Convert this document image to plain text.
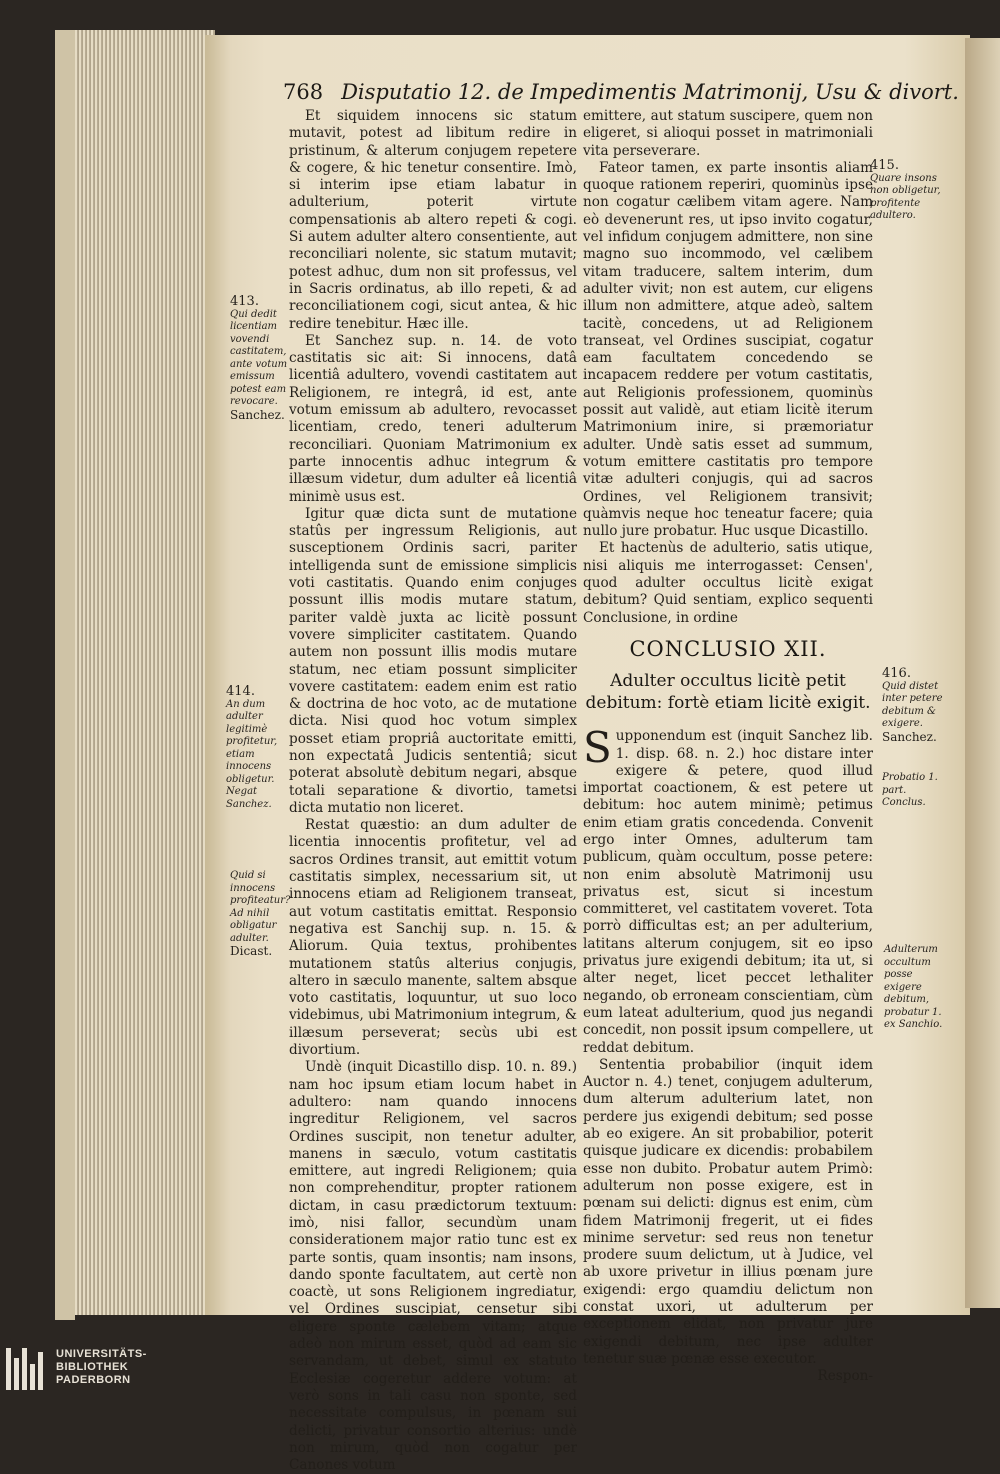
768 Disputatio 12. de Impedimentis Matrimonij, Usu & divort.

Et siquidem innocens sic statum mutavit, potest ad libitum redire in pristinum, & alterum conjugem repetere & cogere, & hic tenetur consentire. Imò, si interim ipse etiam labatur in adulterium, poterit virtute compensationis ab altero repeti & cogi. Si autem adulter altero consentiente, aut reconciliari nolente, sic statum mutavit; potest adhuc, dum non sit professus, vel in Sacris ordinatus, ab illo repeti, & ad reconciliationem cogi, sicut antea, & hic redire tenebitur. Hæc ille.

Et Sanchez sup. n. 14. de voto castitatis sic ait: Si innocens, datâ licentiâ adultero, vovendi castitatem aut Religionem, re integrâ, id est, ante votum emissum ab adultero, revocasset licentiam, credo, teneri adulterum reconciliari. Quoniam Matrimonium ex parte innocentis adhuc integrum & illæsum videtur, dum adulter eâ licentiâ minimè usus est.

Igitur quæ dicta sunt de mutatione statûs per ingressum Religionis, aut susceptionem Ordinis sacri, pariter intelligenda sunt de emissione simplicis voti castitatis. Quando enim conjuges possunt illis modis mutare statum, pariter valdè juxta ac licitè possunt vovere simpliciter castitatem. Quando autem non possunt illis modis mutare statum, nec etiam possunt simpliciter vovere castitatem: eadem enim est ratio & doctrina de hoc voto, ac de mutatione dicta. Nisi quod hoc votum simplex posset etiam propriâ auctoritate emitti, non expectatâ Judicis sententiâ; sicut poterat absolutè debitum negari, absque totali separatione & divortio, tametsi dicta mutatio non liceret.

Restat quæstio: an dum adulter de licentia innocentis profitetur, vel ad sacros Ordines transit, aut emittit votum castitatis simplex, necessarium sit, ut innocens etiam ad Religionem transeat, aut votum castitatis emittat. Responsio negativa est Sanchij sup. n. 15. & Aliorum. Quia textus, prohibentes mutationem statûs alterius conjugis, altero in sæculo manente, saltem absque voto castitatis, loquuntur, ut suo loco videbimus, ubi Matrimonium integrum, & illæsum perseverat; secùs ubi est divortium.

Undè (inquit Dicastillo disp. 10. n. 89.) nam hoc ipsum etiam locum habet in adultero: nam quando innocens ingreditur Religionem, vel sacros Ordines suscipit, non tenetur adulter, manens in sæculo, votum castitatis emittere, aut ingredi Religionem; quia non comprehenditur, propter rationem dictam, in casu prædictorum textuum: imò, nisi fallor, secundùm unam considerationem major ratio tunc est ex parte sontis, quam insontis; nam insons, dando sponte facultatem, aut certè non coactè, ut sons Religionem ingrediatur, vel Ordines suscipiat, censetur sibi eligere sponte cælebem vitam; atque adeò non mirum esset, quòd ad eam sic servandam, ut debet, simul ex statuto Ecclesiæ cogeretur addere votum: at verò sons in tali casu non sponte, sed necessitate compulsus, in pœnam sui delicti, privatur consortio alterius: undè non mirum, quòd non cogatur per Canones votum

emittere, aut statum suscipere, quem non eligeret, si alioqui posset in matrimoniali vita perseverare.

Fateor tamen, ex parte insontis aliam quoque rationem reperiri, quominùs ipse non cogatur cælibem vitam agere. Nam eò devenerunt res, ut ipso invito cogatur, vel infidum conjugem admittere, non sine magno suo incommodo, vel cælibem vitam traducere, saltem interim, dum adulter vivit; non est autem, cur eligens illum non admittere, atque adeò, saltem tacitè, concedens, ut ad Religionem transeat, vel Ordines suscipiat, cogatur eam facultatem concedendo se incapacem reddere per votum castitatis, aut Religionis professionem, quominùs possit aut validè, aut etiam licitè iterum Matrimonium inire, si præmoriatur adulter. Undè satis esset ad summum, votum emittere castitatis pro tempore vitæ adulteri conjugis, qui ad sacros Ordines, vel Religionem transivit; quàmvis neque hoc teneatur facere; quia nullo jure probatur. Huc usque Dicastillo.

Et hactenùs de adulterio, satis utique, nisi aliquis me interrogasset: Censen', quod adulter occultus licitè exigat debitum? Quid sentiam, explico sequenti Conclusione, in ordine

CONCLUSIO XII.
Adulter occultus licitè petit debitum: fortè etiam licitè exigit.

Supponendum est (inquit Sanchez lib. 1. disp. 68. n. 2.) hoc distare inter exigere & petere, quod illud importat coactionem, & est petere ut debitum: hoc autem minimè; petimus enim etiam gratis concedenda. Convenit ergo inter Omnes, adulterum tam publicum, quàm occultum, posse petere: non enim absolutè Matrimonij usu privatus est, sicut si incestum committeret, vel castitatem voveret. Tota porrò difficultas est; an per adulterium, latitans alterum conjugem, sit eo ipso privatus jure exigendi debitum; ita ut, si alter neget, licet peccet lethaliter negando, ob erroneam conscientiam, cùm eum lateat adulterium, quod jus negandi concedit, non possit ipsum compellere, ut reddat debitum.

Sententia probabilior (inquit idem Auctor n. 4.) tenet, conjugem adulterum, dum alterum adulterium latet, non perdere jus exigendi debitum; sed posse ab eo exigere. An sit probabilior, poterit quisque judicare ex dicendis: probabilem esse non dubito. Probatur autem Primò: adulterum non posse exigere, est in pœnam sui delicti: dignus est enim, cùm fidem Matrimonij fregerit, ut ei fides minime servetur: sed reus non tenetur prodere suum delictum, ut à Judice, vel ab uxore privetur in illius pœnam jure exigendi: ergo quamdiu delictum non constat uxori, ut adulterum per exceptionem elidat, non privatur jure exigendi debitum, nec ipse adulter tenetur suæ pœnæ esse executor.

Respon-

413.
Qui dedit licentiam vovendi castitatem, ante votum emissum potest eam revocare.
Sanchez.
414.
An dum adulter legitimè profitetur, etiam innocens obligetur. Negat Sanchez.
Quid si innocens profiteatur? Ad nihil obligatur adulter.
Dicast.
415.
Quare insons non obligetur, profitente adultero.
416.
Quid distet inter petere debitum & exigere.
Sanchez.
Probatio 1. part. Conclus.
Adulterum occultum posse exigere debitum, probatur 1. ex Sanchio.
UNIVERSITÄTS-
BIBLIOTHEK
PADERBORN
